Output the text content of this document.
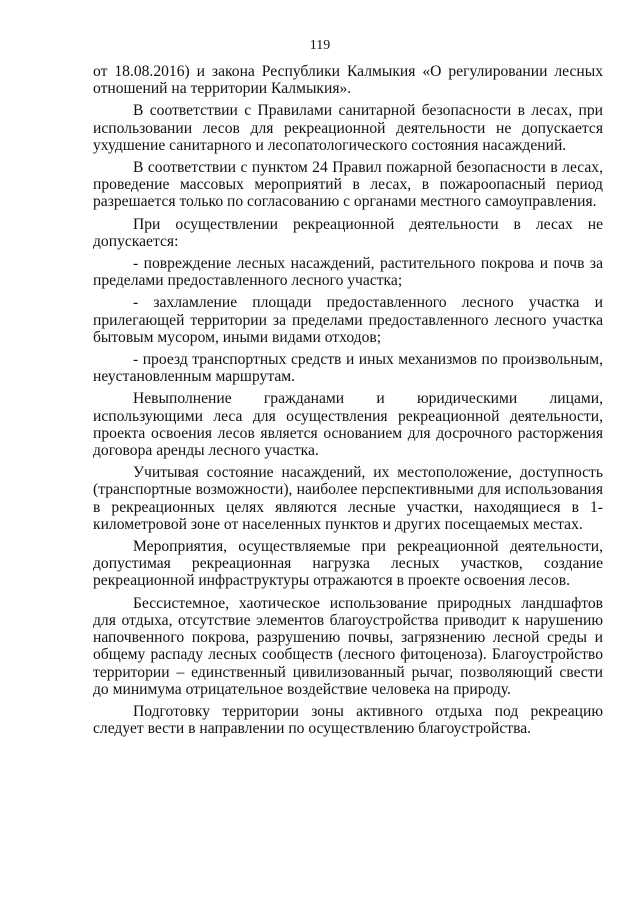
119

от 18.08.2016) и закона Республики Калмыкия «О регулировании лесных отношений на территории Калмыкия».

В соответствии с Правилами санитарной безопасности в лесах, при использовании лесов для рекреационной деятельности не допускается ухудшение санитарного и лесопатологического состояния насаждений.

В соответствии с пунктом 24 Правил пожарной безопасности в лесах, проведение массовых мероприятий в лесах, в пожароопасный период разрешается только по согласованию с органами местного самоуправления.

При осуществлении рекреационной деятельности в лесах не допускается:

- повреждение лесных насаждений, растительного покрова и почв за пределами предоставленного лесного участка;

- захламление площади предоставленного лесного участка и прилегающей территории за пределами предоставленного лесного участка бытовым мусором, иными видами отходов;

- проезд транспортных средств и иных механизмов по произвольным, неустановленным маршрутам.

Невыполнение гражданами и юридическими лицами, использующими леса для осуществления рекреационной деятельности, проекта освоения лесов является основанием для досрочного расторжения договора аренды лесного участка.

Учитывая состояние насаждений, их местоположение, доступность (транспортные возможности), наиболее перспективными для использования в рекреационных целях являются лесные участки, находящиеся в 1-километровой зоне от населенных пунктов и других посещаемых местах.

Мероприятия, осуществляемые при рекреационной деятельности, допустимая рекреационная нагрузка лесных участков, создание рекреационной инфраструктуры отражаются в проекте освоения лесов.

Бессистемное, хаотическое использование природных ландшафтов для отдыха, отсутствие элементов благоустройства приводит к нарушению напочвенного покрова, разрушению почвы, загрязнению лесной среды и общему распаду лесных сообществ (лесного фитоценоза). Благоустройство территории – единственный цивилизованный рычаг, позволяющий свести до минимума отрицательное воздействие человека на природу.

Подготовку территории зоны активного отдыха под рекреацию следует вести в направлении по осуществлению благоустройства.
